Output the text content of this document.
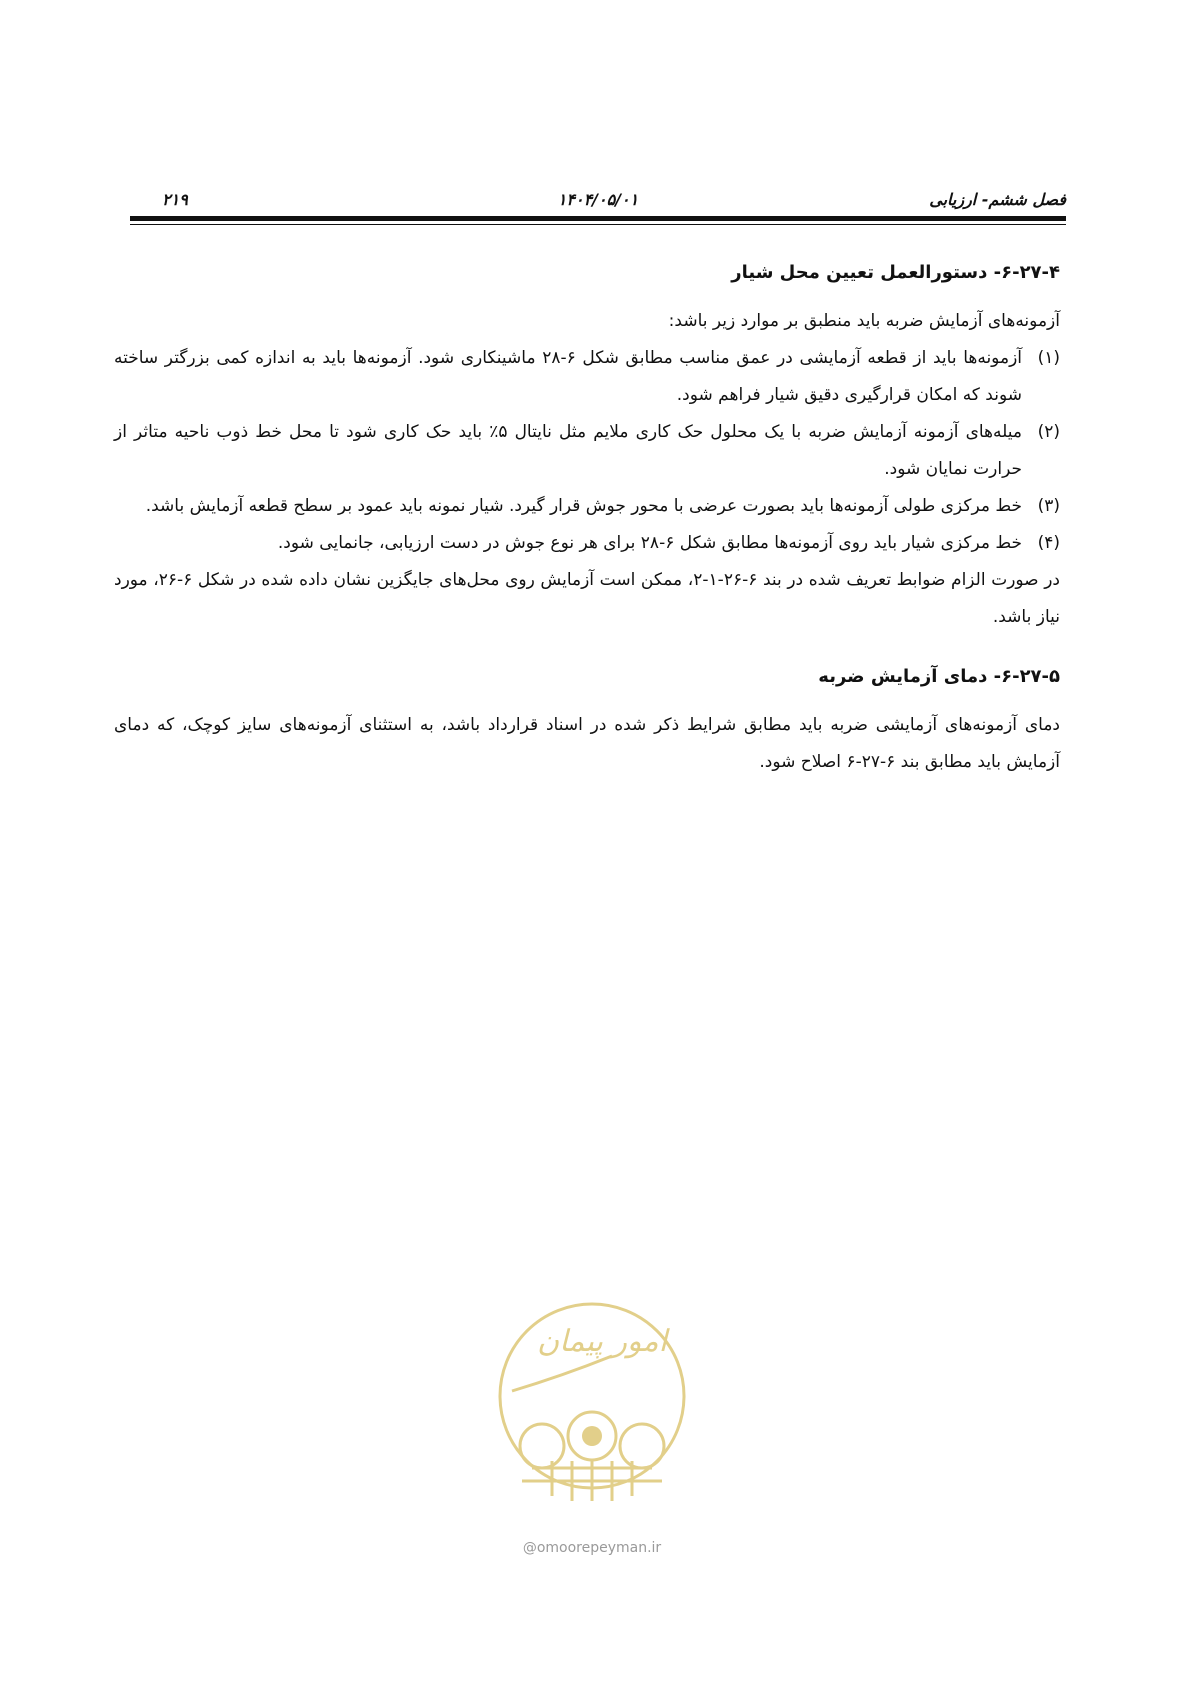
فصل ششم- ارزیابی
۱۴۰۴/۰۵/۰۱
۲۱۹
۶-۲۷-۴- دستورالعمل تعیین محل شیار

آزمونه‌های آزمایش ضربه باید منطبق بر موارد زیر باشد:

(۱)
آزمونه‌ها باید از قطعه آزمایشی در عمق مناسب مطابق شکل ۶-۲۸ ماشینکاری شود. آزمونه‌ها باید به اندازه کمی بزرگتر ساخته شوند که امکان قرارگیری دقیق شیار فراهم شود.
(۲)
میله‌های آزمونه آزمایش ضربه با یک محلول حک کاری ملایم مثل نایتال ۵٪ باید حک کاری شود تا محل خط ذوب ناحیه متاثر از حرارت نمایان شود.
(۳)
خط مرکزی طولی آزمونه‌ها باید بصورت عرضی با محور جوش قرار گیرد. شیار نمونه باید عمود بر سطح قطعه آزمایش باشد.
(۴)
خط مرکزی شیار باید روی آزمونه‌ها مطابق شکل ۶-۲۸ برای هر نوع جوش در دست ارزیابی، جانمایی شود.

در صورت الزام ضوابط تعریف شده در بند ۶-۲۶-۱-۲، ممکن است آزمایش روی محل‌های جایگزین نشان داده شده در شکل ۶-۲۶، مورد نیاز باشد.

۶-۲۷-۵- دمای آزمایش ضربه

دمای آزمونه‌های آزمایشی ضربه باید مطابق شرایط ذکر شده در اسناد قرارداد باشد، به استثنای آزمونه‌های سایز کوچک، که دمای آزمایش باید مطابق بند ۶-۲۷-۶ اصلاح شود.

امور پیمان
@omoorepeyman.ir
